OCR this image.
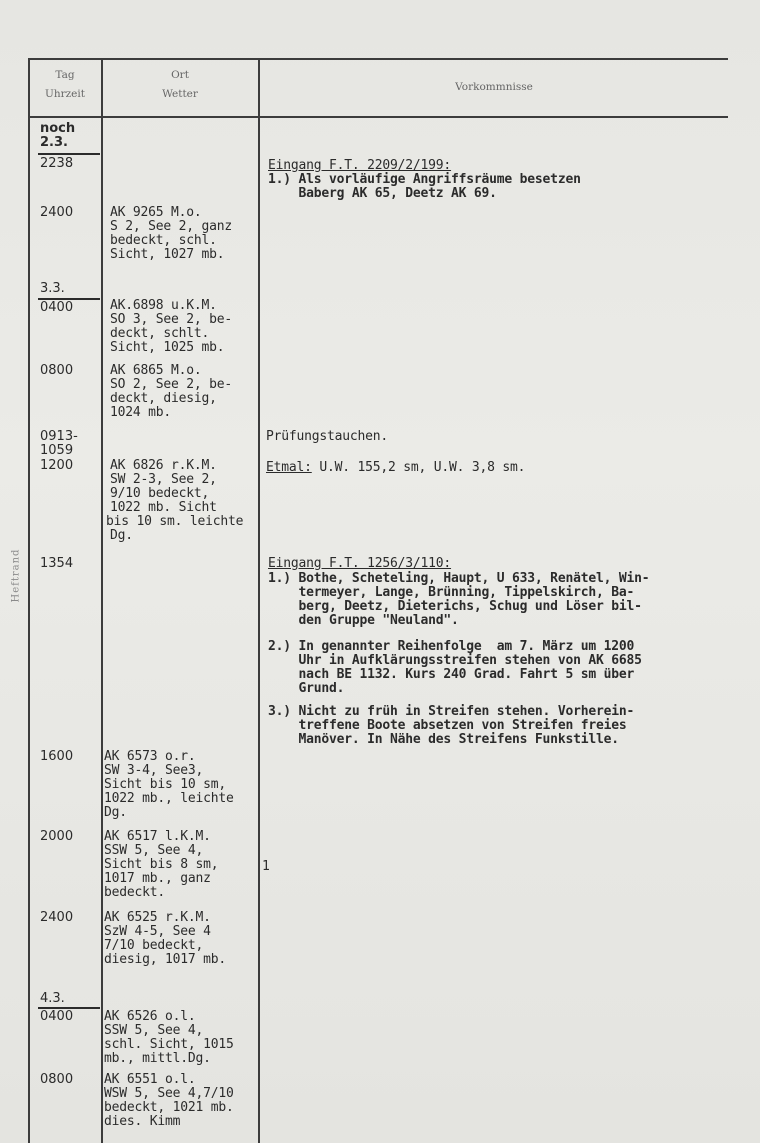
Tag
Uhrzeit
Ort
Wetter
Vorkommnisse
Heftrand
noch
2.3.
2238
2400
3.3.
0400
0800
0913-
1059
1200
1354
1600
2000
2400
4.3.
0400
0800
AK 9265 M.o.
S 2, See 2, ganz
bedeckt, schl.
Sicht, 1027 mb.
AK.6898 u.K.M.
SO 3, See 2, be-
deckt, schlt.
Sicht, 1025 mb.
AK 6865 M.o.
SO 2, See 2, be-
deckt, diesig,
1024 mb.
AK 6826 r.K.M.
SW 2-3, See 2,
9/10 bedeckt,
1022 mb. Sicht
bis 10 sm. leichte
Dg.
AK 6573 o.r.
SW 3-4, See3,
Sicht bis 10 sm,
1022 mb., leichte
Dg.
AK 6517 l.K.M.
SSW 5, See 4,
Sicht bis 8 sm,
1017 mb., ganz
bedeckt.
1
AK 6525 r.K.M.
SzW 4-5, See 4
7/10 bedeckt,
diesig, 1017 mb.
AK 6526 o.l.
SSW 5, See 4,
schl. Sicht, 1015
mb., mittl.Dg.
AK 6551 o.l.
WSW 5, See 4,7/10
bedeckt, 1021 mb.
dies. Kimm
Eingang F.T. 2209/2/199:
1.) Als vorläufige Angriffsräume besetzen
Baberg AK 65, Deetz AK 69.
Prüfungstauchen.
Etmal: U.W. 155,2 sm, U.W. 3,8 sm.
Eingang F.T. 1256/3/110:
1.) Bothe, Scheteling, Haupt, U 633, Renätel, Win-
termeyer, Lange, Brünning, Tippelskirch, Ba-
berg, Deetz, Dieterichs, Schug und Löser bil-
den Gruppe "Neuland".
2.) In genannter Reihenfolge  am 7. März um 1200
Uhr in Aufklärungsstreifen stehen von AK 6685
nach BE 1132. Kurs 240 Grad. Fahrt 5 sm über
Grund.
3.) Nicht zu früh in Streifen stehen. Vorherein-
treffene Boote absetzen von Streifen freies
Manöver. In Nähe des Streifens Funkstille.
